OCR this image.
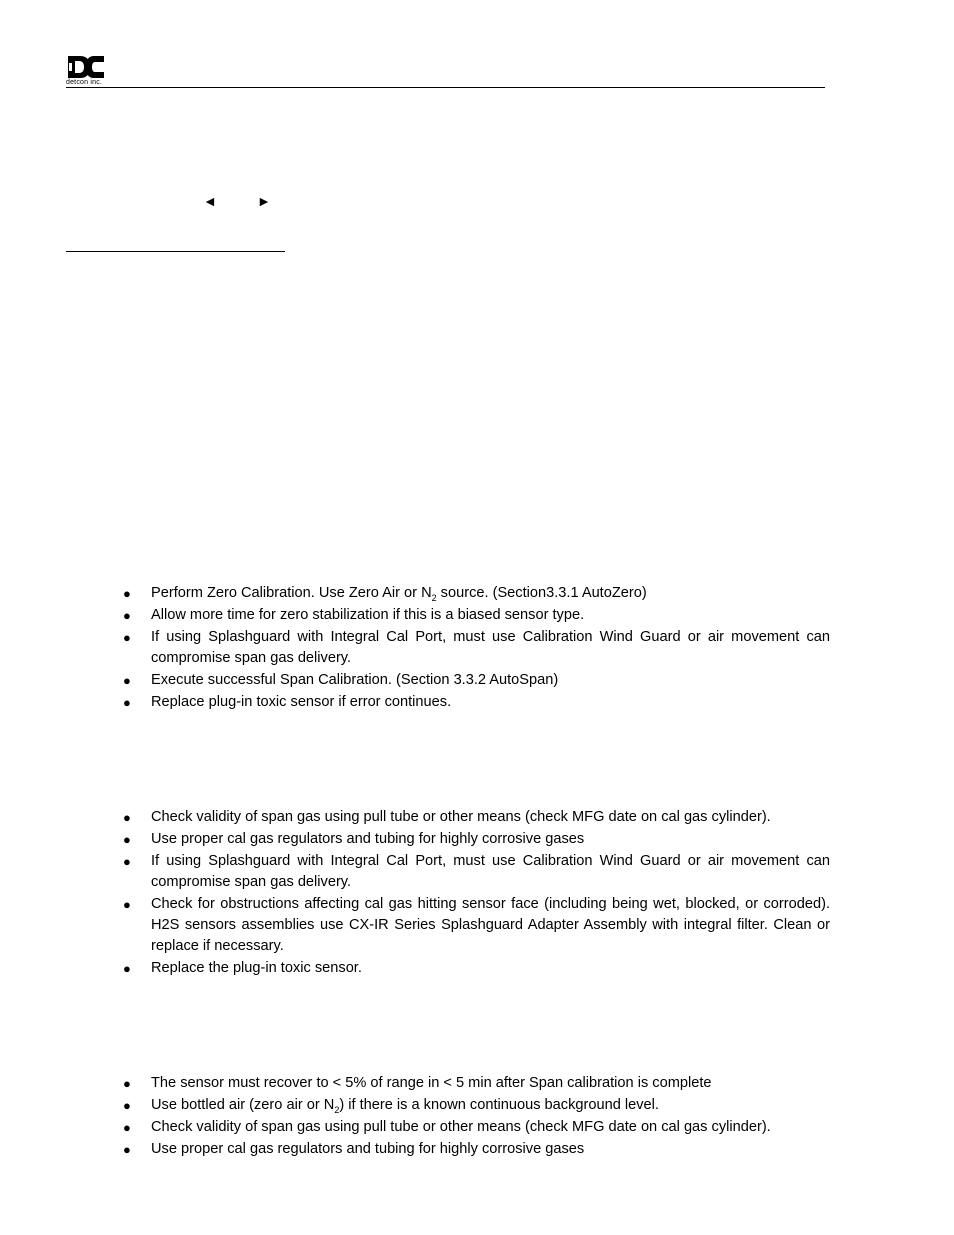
detcon inc.
◄	►
● Perform Zero Calibration. Use Zero Air or $N_2$ source. (Section3.3.1 AutoZero)
● Allow more time for zero stabilization if this is a biased sensor type.
● If using Splashguard with Integral Cal Port, must use Calibration Wind Guard or air movement can compromise span gas delivery.
● Execute successful Span Calibration. (Section 3.3.2 AutoSpan)
● Replace plug-in toxic sensor if error continues.
● Check validity of span gas using pull tube or other means (check MFG date on cal gas cylinder).
● Use proper cal gas regulators and tubing for highly corrosive gases
● If using Splashguard with Integral Cal Port, must use Calibration Wind Guard or air movement can compromise span gas delivery.
● Check for obstructions affecting cal gas hitting sensor face (including being wet, blocked, or corroded). H2S sensors assemblies use CX-IR Series Splashguard Adapter Assembly with integral filter. Clean or replace if necessary.
● Replace the plug-in toxic sensor.
● The sensor must recover to < 5% of range in < 5 min after Span calibration is complete
● Use bottled air (zero air or $N_2$) if there is a known continuous background level.
● Check validity of span gas using pull tube or other means (check MFG date on cal gas cylinder).
● Use proper cal gas regulators and tubing for highly corrosive gases
